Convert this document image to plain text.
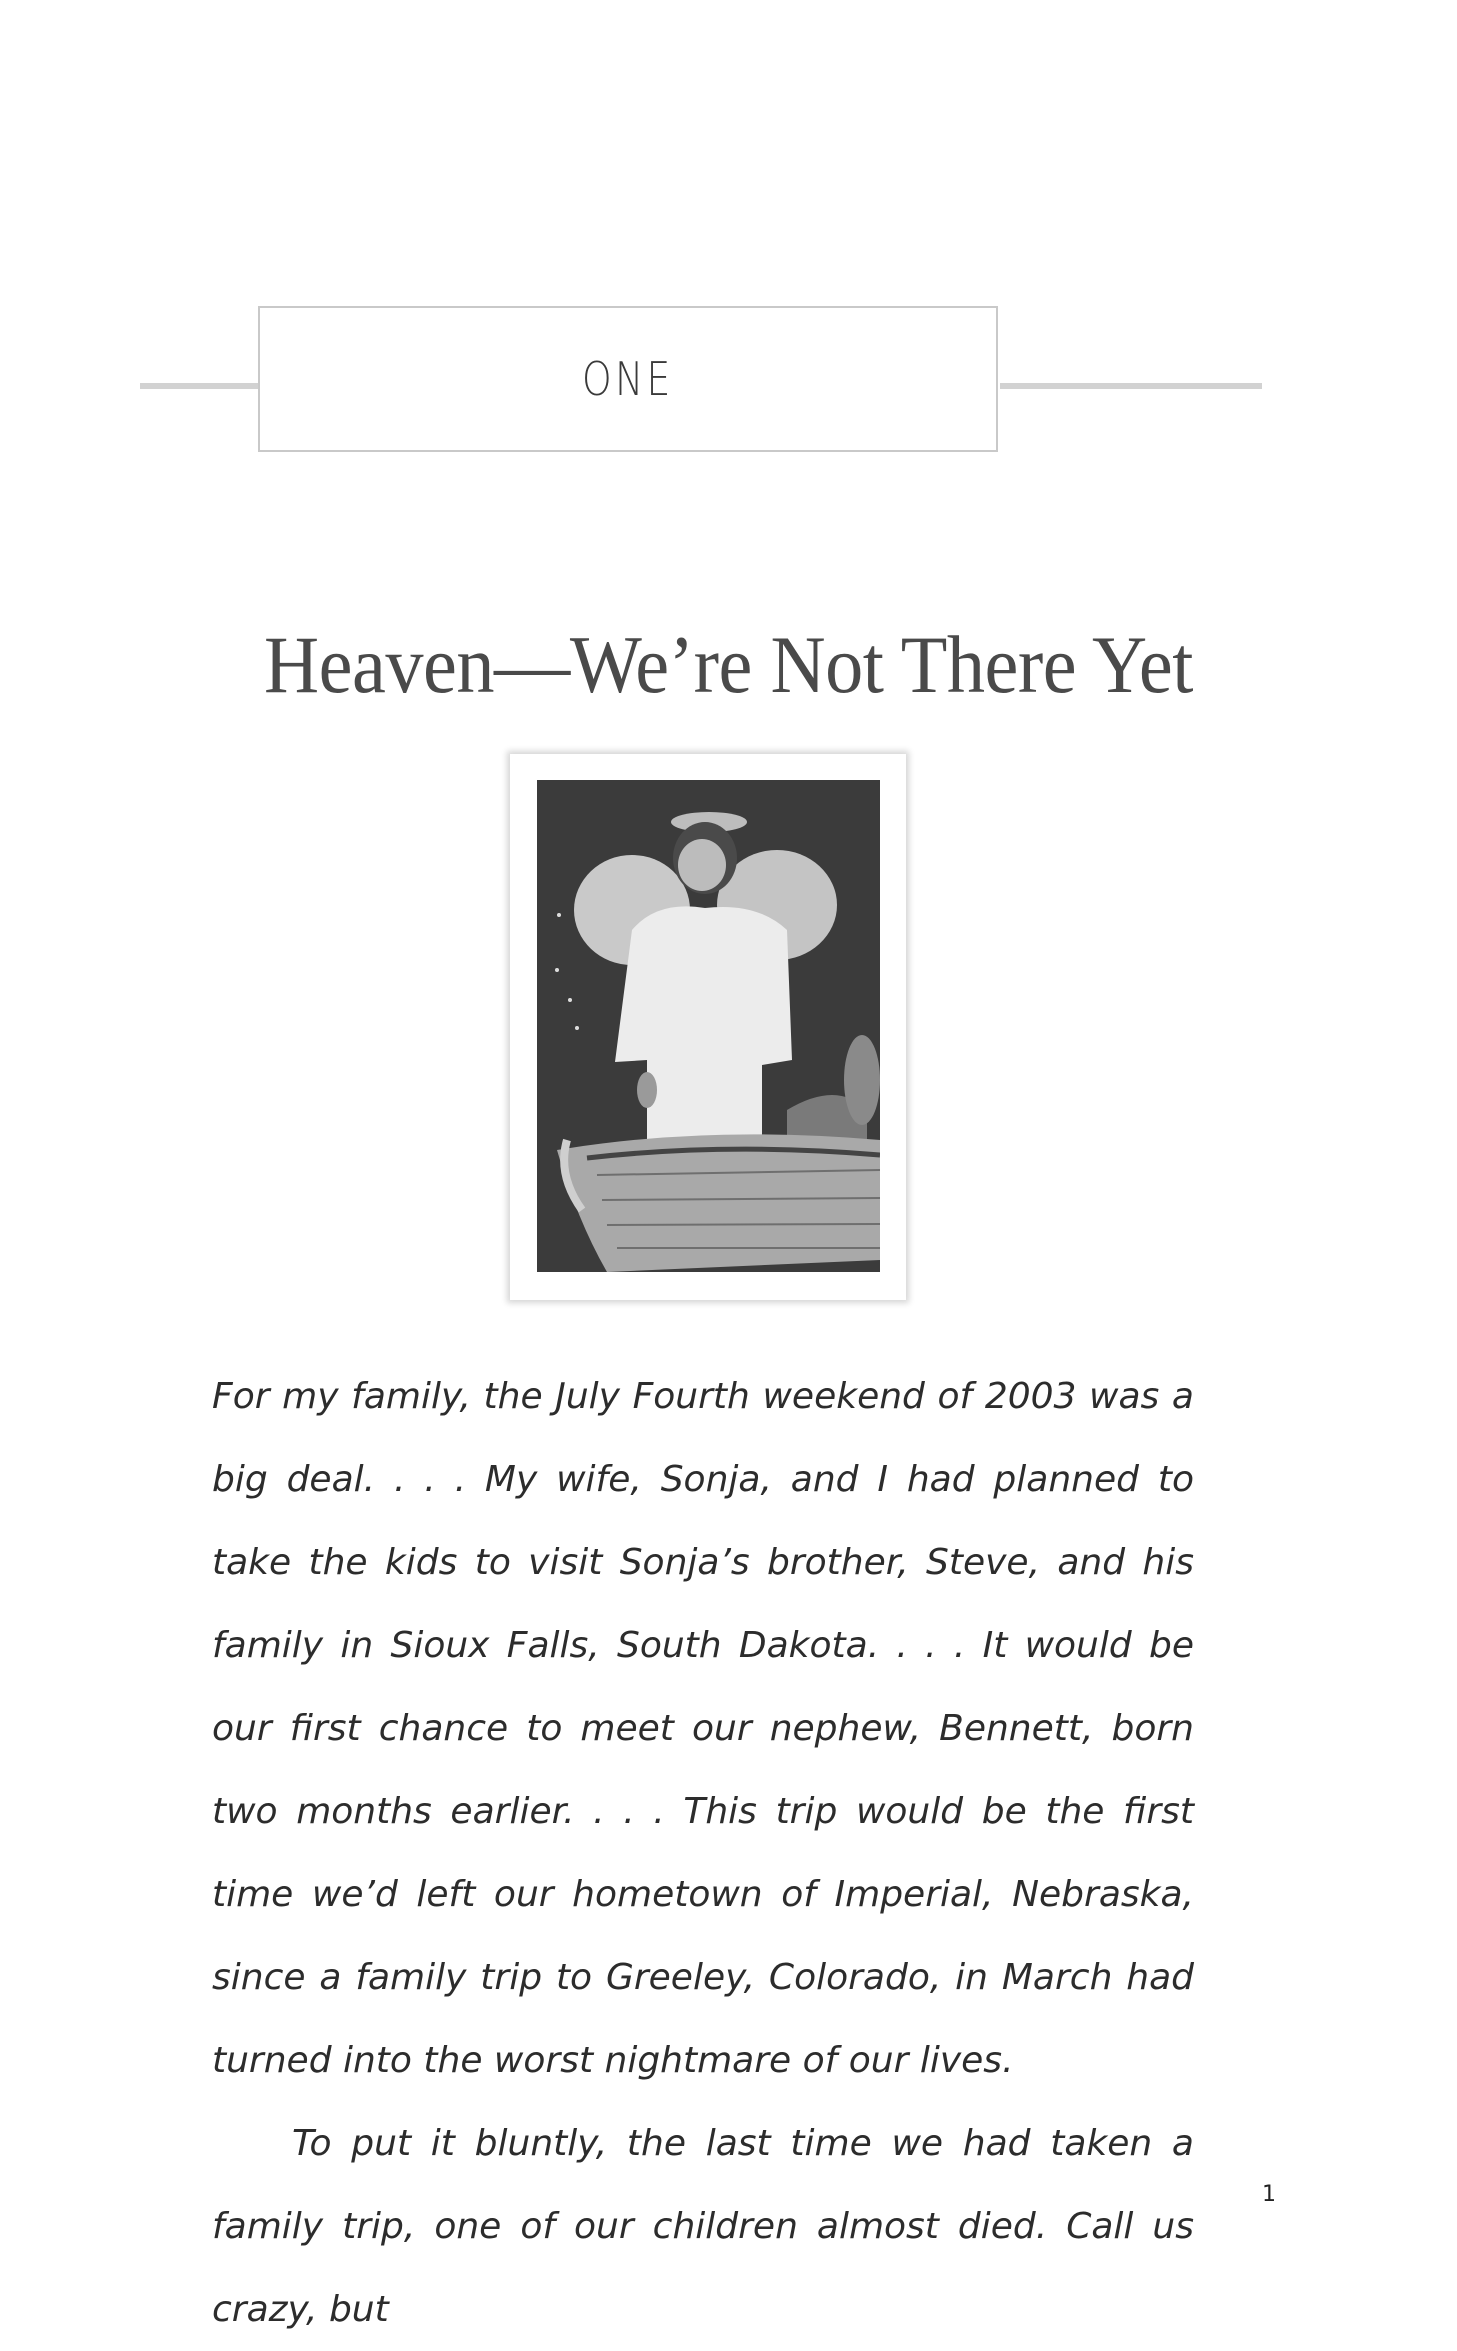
ONE
Heaven—We’re Not There Yet

For my family, the July Fourth weekend of 2003 was a big deal. . . . My wife, Sonja, and I had planned to take the kids to visit Sonja’s brother, Steve, and his family in Sioux Falls, South Dakota. . . . It would be our first chance to meet our nephew, Bennett, born two months earlier. . . . This trip would be the first time we’d left our hometown of Imperial, Nebraska, since a family trip to Greeley, Colorado, in March had turned into the worst nightmare of our lives.

To put it bluntly, the last time we had taken a family trip, one of our children almost died. Call us crazy, but

1
